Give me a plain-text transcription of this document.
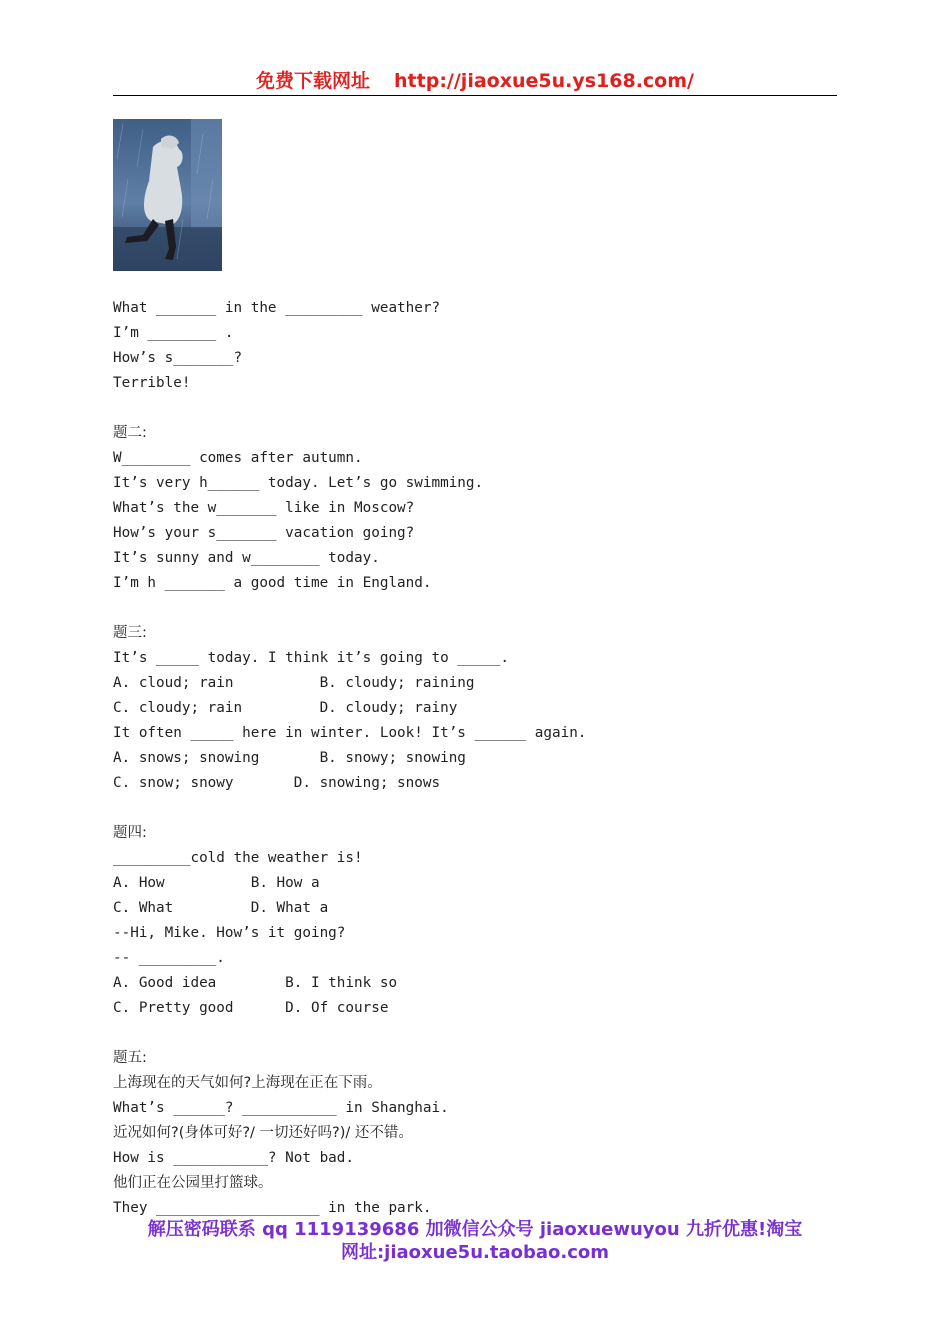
免费下载网址 http://jiaoxue5u.ys168.com/
What _______ in the _________ weather?
I’m ________ .
How’s s_______?
Terrible!
题二:
W________ comes after autumn.
It’s very h______ today. Let’s go swimming.
What’s the w_______ like in Moscow?
How’s your s_______ vacation going?
It’s sunny and w________ today.
I’m h _______ a good time in England.
题三:
It’s _____ today. I think it’s going to _____.
A. cloud; rain          B. cloudy; raining
C. cloudy; rain         D. cloudy; rainy
It often _____ here in winter. Look! It’s ______ again.
A. snows; snowing       B. snowy; snowing
C. snow; snowy       D. snowing; snows
题四:
_________cold the weather is!
A. How          B. How a
C. What         D. What a
--Hi, Mike. How’s it going?
-- _________.
A. Good idea        B. I think so
C. Pretty good      D. Of course
题五:
上海现在的天气如何?上海现在正在下雨。
What’s ______? ___________ in Shanghai.
近况如何?(身体可好?/ 一切还好吗?)/ 还不错。
How is ___________? Not bad.
他们正在公园里打篮球。
They ___________________ in the park.
解压密码联系 qq 1119139686 加微信公众号 jiaoxuewuyou 九折优惠!淘宝
网址:jiaoxue5u.taobao.com
